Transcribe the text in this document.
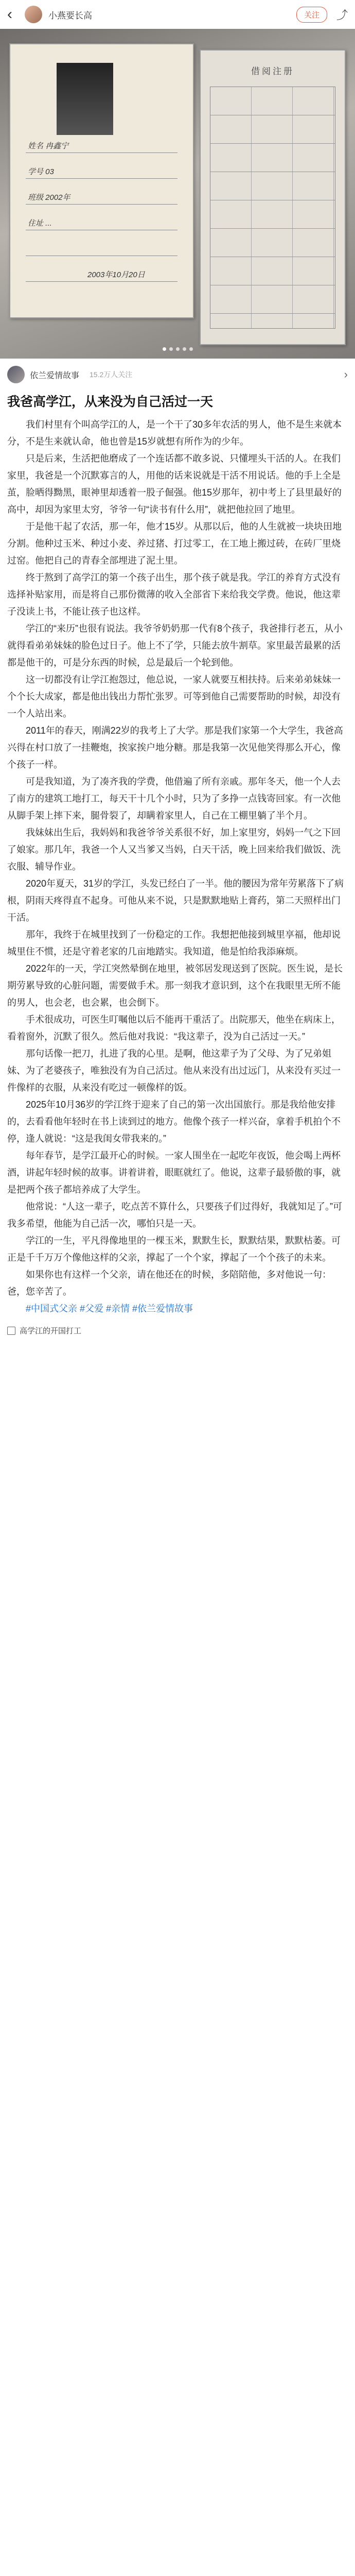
‹	小燕要长高	关注	⤴
姓名 冉鑫宁
学号 03
班级 2002年
住址 ...
2003年10月20日
借阅注册
依兰爱情故事 15.2万人关注	›
我爸高学江，从来没为自己活过一天

我们村里有个叫高学江的人，是一个干了30多年农活的男人，他不是生来就本分，不是生来就认命，他也曾是15岁就想有所作为的少年。

只是后来，生活把他磨成了一个连话都不敢多说、只懂埋头干活的人。在我们家里，我爸是一个沉默寡言的人，用他的话来说就是干活不用说话。他的手上全是茧，脸晒得黝黑，眼神里却透着一股子倔强。他15岁那年，初中考上了县里最好的高中，却因为家里太穷，爷爷一句“读书有什么用”，就把他拉回了地里。

于是他干起了农活，那一年，他才15岁。从那以后，他的人生就被一块块田地分割。他种过玉米、种过小麦、养过猪、打过零工，在工地上搬过砖，在砖厂里烧过窑。他把自己的青春全部埋进了泥土里。

终于熬到了高学江的第一个孩子出生，那个孩子就是我。学江的养育方式没有选择补贴家用，而是将自己那份微薄的收入全部省下来给我交学费。他说，他这辈子没读上书，不能让孩子也这样。

学江的“来历”也很有说法。我爷爷奶奶那一代有8个孩子，我爸排行老五，从小就得看弟弟妹妹的脸色过日子。他上不了学，只能去放牛割草。家里最苦最累的活都是他干的，可是分东西的时候，总是最后一个轮到他。

这一切都没有让学江抱怨过，他总说，一家人就要互相扶持。后来弟弟妹妹一个个长大成家，都是他出钱出力帮忙张罗。可等到他自己需要帮助的时候，却没有一个人站出来。

2011年的春天，刚满22岁的我考上了大学。那是我们家第一个大学生，我爸高兴得在村口放了一挂鞭炮，挨家挨户地分糖。那是我第一次见他笑得那么开心，像个孩子一样。

可是我知道，为了凑齐我的学费，他借遍了所有亲戚。那年冬天，他一个人去了南方的建筑工地打工，每天干十几个小时，只为了多挣一点钱寄回家。有一次他从脚手架上摔下来，腿骨裂了，却瞒着家里人，自己在工棚里躺了半个月。

我妹妹出生后，我妈妈和我爸爷爷关系很不好，加上家里穷，妈妈一气之下回了娘家。那几年，我爸一个人又当爹又当妈，白天干活，晚上回来给我们做饭、洗衣服、辅导作业。

2020年夏天，31岁的学江，头发已经白了一半。他的腰因为常年劳累落下了病根，阴雨天疼得直不起身。可他从来不说，只是默默地贴上膏药，第二天照样出门干活。

那年，我终于在城里找到了一份稳定的工作。我想把他接到城里享福，他却说城里住不惯，还是守着老家的几亩地踏实。我知道，他是怕给我添麻烦。

2022年的一天，学江突然晕倒在地里，被邻居发现送到了医院。医生说，是长期劳累导致的心脏问题，需要做手术。那一刻我才意识到，这个在我眼里无所不能的男人，也会老，也会累，也会倒下。

手术很成功，可医生叮嘱他以后不能再干重活了。出院那天，他坐在病床上，看着窗外，沉默了很久。然后他对我说：“我这辈子，没为自己活过一天。”

那句话像一把刀，扎进了我的心里。是啊，他这辈子为了父母、为了兄弟姐妹、为了老婆孩子，唯独没有为自己活过。他从来没有出过远门，从来没有买过一件像样的衣服，从来没有吃过一顿像样的饭。

2025年10月36岁的学江终于迎来了自己的第一次出国旅行。那是我给他安排的，去看看他年轻时在书上读到过的地方。他像个孩子一样兴奋，拿着手机拍个不停，逢人就说：“这是我闺女带我来的。”

每年春节，是学江最开心的时候。一家人围坐在一起吃年夜饭，他会喝上两杯酒，讲起年轻时候的故事。讲着讲着，眼眶就红了。他说，这辈子最骄傲的事，就是把两个孩子都培养成了大学生。

他常说：“人这一辈子，吃点苦不算什么，只要孩子们过得好，我就知足了。”可我多希望，他能为自己活一次，哪怕只是一天。

学江的一生，平凡得像地里的一棵玉米，默默生长，默默结果，默默枯萎。可正是千千万万个像他这样的父亲，撑起了一个个家，撑起了一个个孩子的未来。

如果你也有这样一个父亲，请在他还在的时候，多陪陪他，多对他说一句：爸，您辛苦了。

#中国式父亲 #父爱 #亲情 #依兰爱情故事

高学江的开国打工
